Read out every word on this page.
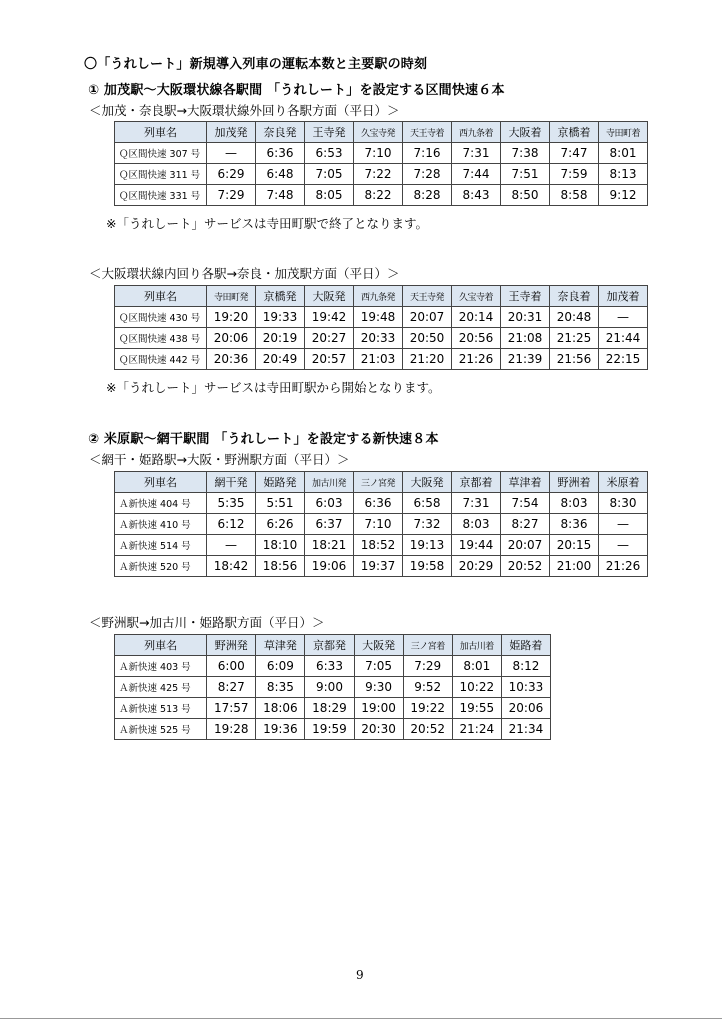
〇「うれしート」新規導入列車の運転本数と主要駅の時刻
① 加茂駅～大阪環状線各駅間 「うれしート」を設定する区間快速６本
＜加茂・奈良駅→大阪環状線外回り各駅方面（平日）＞
列車名	加茂発	奈良発	王寺発	久宝寺発	天王寺着	西九条着	大阪着	京橋着	寺田町着
Ｑ区間快速 307 号	—	6:36	6:53	7:10	7:16	7:31	7:38	7:47	8:01
Ｑ区間快速 311 号	6:29	6:48	7:05	7:22	7:28	7:44	7:51	7:59	8:13
Ｑ区間快速 331 号	7:29	7:48	8:05	8:22	8:28	8:43	8:50	8:58	9:12
※「うれしート」サービスは寺田町駅で終了となります。
＜大阪環状線内回り各駅→奈良・加茂駅方面（平日）＞
列車名	寺田町発	京橋発	大阪発	西九条発	天王寺発	久宝寺着	王寺着	奈良着	加茂着
Ｑ区間快速 430 号	19:20	19:33	19:42	19:48	20:07	20:14	20:31	20:48	—
Ｑ区間快速 438 号	20:06	20:19	20:27	20:33	20:50	20:56	21:08	21:25	21:44
Ｑ区間快速 442 号	20:36	20:49	20:57	21:03	21:20	21:26	21:39	21:56	22:15
※「うれしート」サービスは寺田町駅から開始となります。
② 米原駅～網干駅間 「うれしート」を設定する新快速８本
＜網干・姫路駅→大阪・野洲駅方面（平日）＞
列車名	網干発	姫路発	加古川発	三ノ宮発	大阪発	京都着	草津着	野洲着	米原着
Ａ新快速 404 号	5:35	5:51	6:03	6:36	6:58	7:31	7:54	8:03	8:30
Ａ新快速 410 号	6:12	6:26	6:37	7:10	7:32	8:03	8:27	8:36	—
Ａ新快速 514 号	—	18:10	18:21	18:52	19:13	19:44	20:07	20:15	—
Ａ新快速 520 号	18:42	18:56	19:06	19:37	19:58	20:29	20:52	21:00	21:26
＜野洲駅→加古川・姫路駅方面（平日）＞
列車名	野洲発	草津発	京都発	大阪発	三ノ宮着	加古川着	姫路着
Ａ新快速 403 号	6:00	6:09	6:33	7:05	7:29	8:01	8:12
Ａ新快速 425 号	8:27	8:35	9:00	9:30	9:52	10:22	10:33
Ａ新快速 513 号	17:57	18:06	18:29	19:00	19:22	19:55	20:06
Ａ新快速 525 号	19:28	19:36	19:59	20:30	20:52	21:24	21:34
9
